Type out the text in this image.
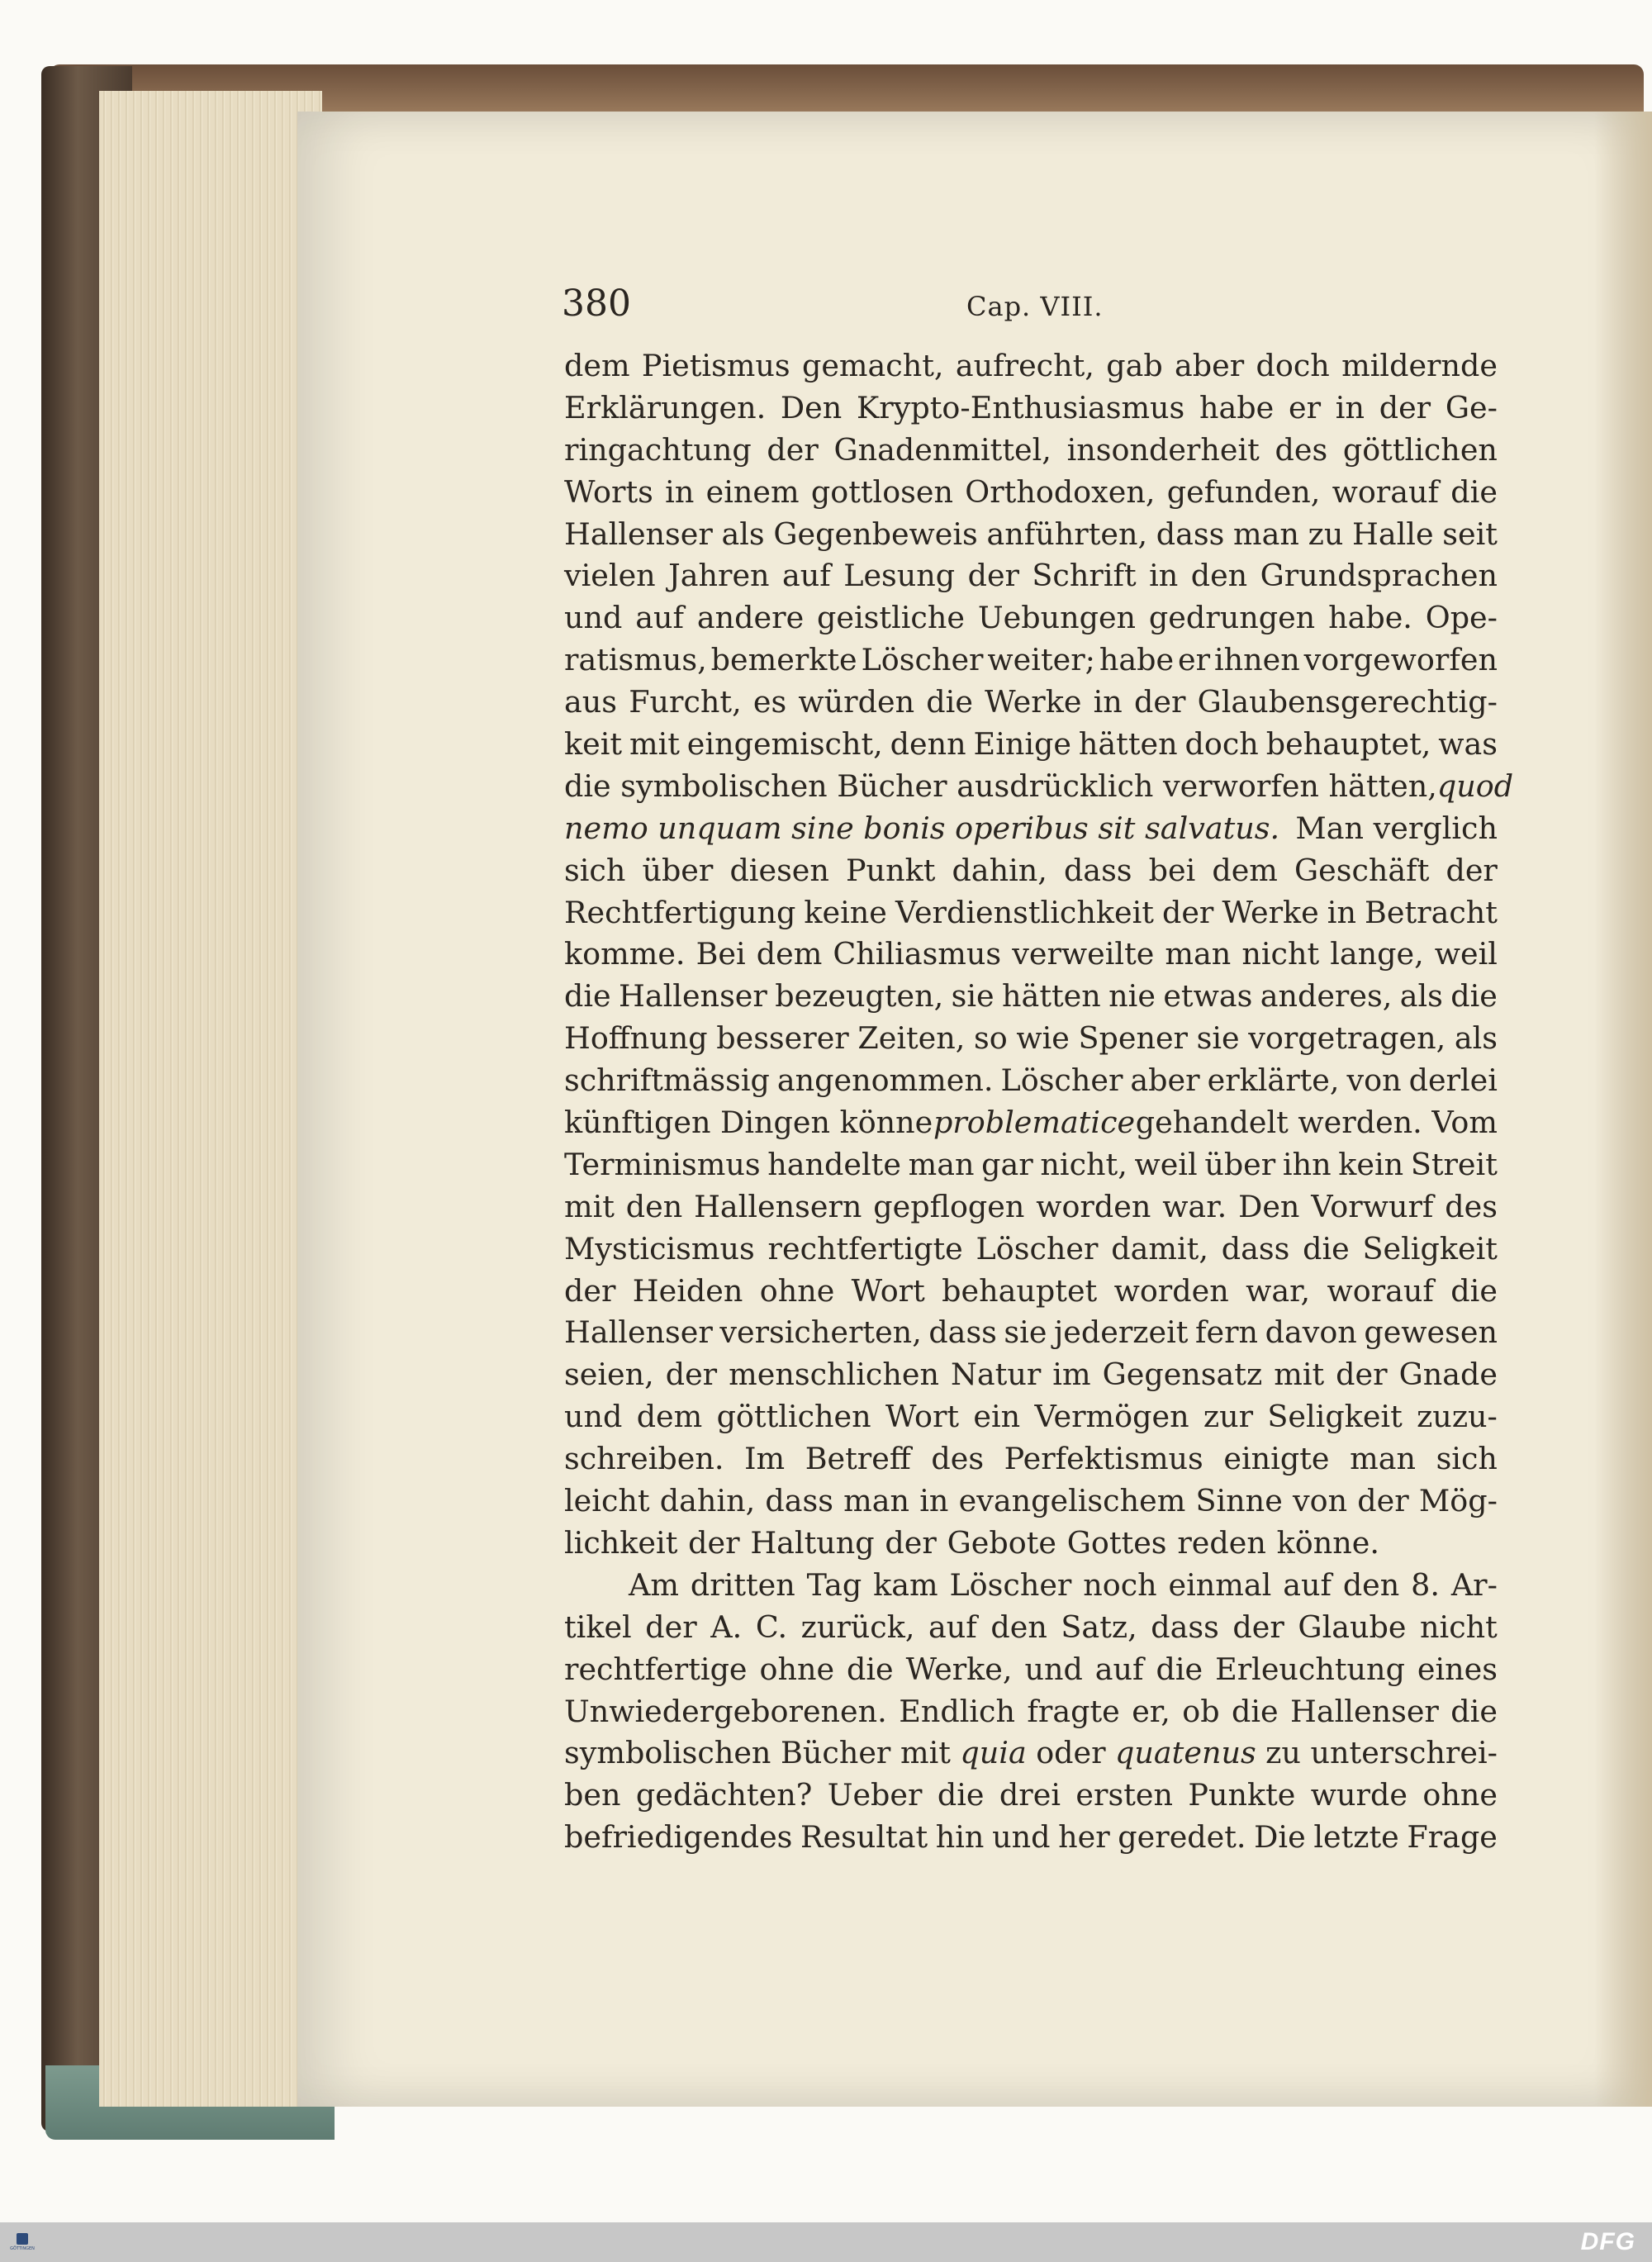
380	Cap. VIII.
dem Pietismus gemacht, aufrecht, gab aber doch mildernde
Erklärungen. Den Krypto-Enthusiasmus habe er in der Ge-
ringachtung der Gnadenmittel, insonderheit des göttlichen
Worts in einem gottlosen Orthodoxen, gefunden, worauf die
Hallenser als Gegenbeweis anführten, dass man zu Halle seit
vielen Jahren auf Lesung der Schrift in den Grundsprachen
und auf andere geistliche Uebungen gedrungen habe. Ope-
ratismus, bemerkte Löscher weiter; habe er ihnen vorgeworfen
aus Furcht, es würden die Werke in der Glaubensgerechtig-
keit mit eingemischt, denn Einige hätten doch behauptet, was
die symbolischen Bücher ausdrücklich verworfen hätten, quod
nemo unquam sine bonis operibus sit salvatus. Man verglich
sich über diesen Punkt dahin, dass bei dem Geschäft der
Rechtfertigung keine Verdienstlichkeit der Werke in Betracht
komme. Bei dem Chiliasmus verweilte man nicht lange, weil
die Hallenser bezeugten, sie hätten nie etwas anderes, als die
Hoffnung besserer Zeiten, so wie Spener sie vorgetragen, als
schriftmässig angenommen. Löscher aber erklärte, von derlei
künftigen Dingen könne problematice gehandelt werden. Vom
Terminismus handelte man gar nicht, weil über ihn kein Streit
mit den Hallensern gepflogen worden war. Den Vorwurf des
Mysticismus rechtfertigte Löscher damit, dass die Seligkeit
der Heiden ohne Wort behauptet worden war, worauf die
Hallenser versicherten, dass sie jederzeit fern davon gewesen
seien, der menschlichen Natur im Gegensatz mit der Gnade
und dem göttlichen Wort ein Vermögen zur Seligkeit zuzu-
schreiben. Im Betreff des Perfektismus einigte man sich
leicht dahin, dass man in evangelischem Sinne von der Mög-
lichkeit der Haltung der Gebote Gottes reden könne.
Am dritten Tag kam Löscher noch einmal auf den 8. Ar-
tikel der A. C. zurück, auf den Satz, dass der Glaube nicht
rechtfertige ohne die Werke, und auf die Erleuchtung eines
Unwiedergeborenen. Endlich fragte er, ob die Hallenser die
symbolischen Bücher mit quia oder quatenus zu unterschrei-
ben gedächten? Ueber die drei ersten Punkte wurde ohne
befriedigendes Resultat hin und her geredet. Die letzte Frage
GÖTTINGEN	DFG
